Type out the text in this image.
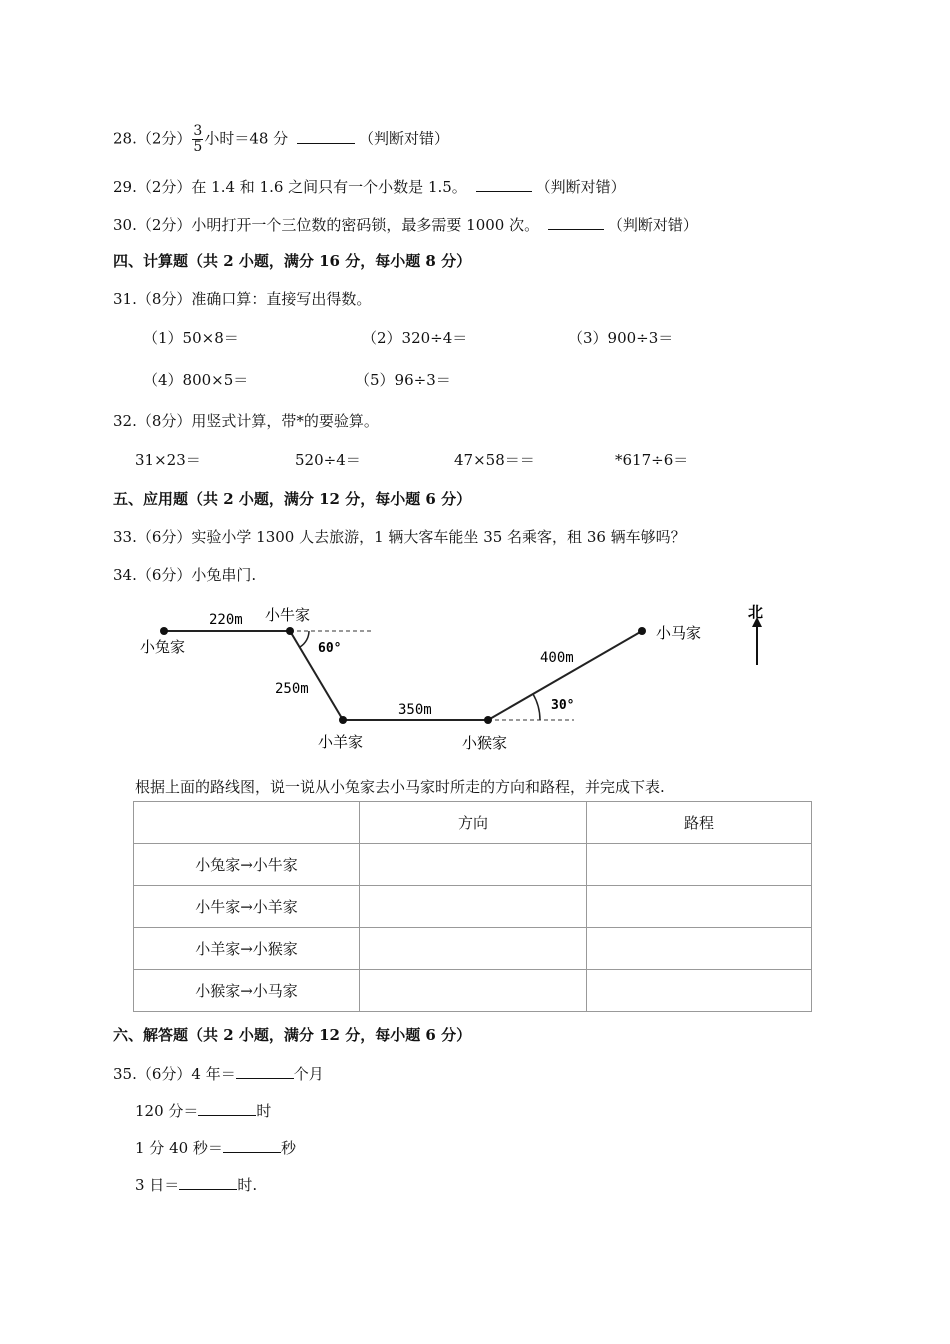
28.（2分） $\frac{3}{5}$ 小时＝48 分	（判断对错）
29.（2分）在 1.4 和 1.6 之间只有一个小数是 1.5。	（判断对错）
30.（2分）小明打开一个三位数的密码锁，最多需要 1000 次。	（判断对错）
四、计算题（共 2 小题，满分 16 分，每小题 8 分）
31.（8分）准确口算：直接写出得数。
（1）50×8＝	（2）320÷4＝	（3）900÷3＝
（4）800×5＝	（5）96÷3＝
32.（8分）用竖式计算，带*的要验算。
31×23＝	520÷4＝	47×58＝＝	*617÷6＝
五、应用题（共 2 小题，满分 12 分，每小题 6 分）
33.（6分）实验小学 1300 人去旅游，1 辆大客车能坐 35 名乘客，租 36 辆车够吗？
34.（6分）小兔串门.
北
小兔家
小牛家
小羊家	小猴家
小马家
220m
250m
350m
400m
60°
30°
根据上面的路线图，说一说从小兔家去小马家时所走的方向和路程，并完成下表.
	方向	路程
小兔家→小牛家		
小牛家→小羊家		
小羊家→小猴家		
小猴家→小马家		
六、解答题（共 2 小题，满分 12 分，每小题 6 分）
35.（6分）4 年＝	个月
120 分＝	时
1 分 40 秒＝	秒
3 日＝	时.
